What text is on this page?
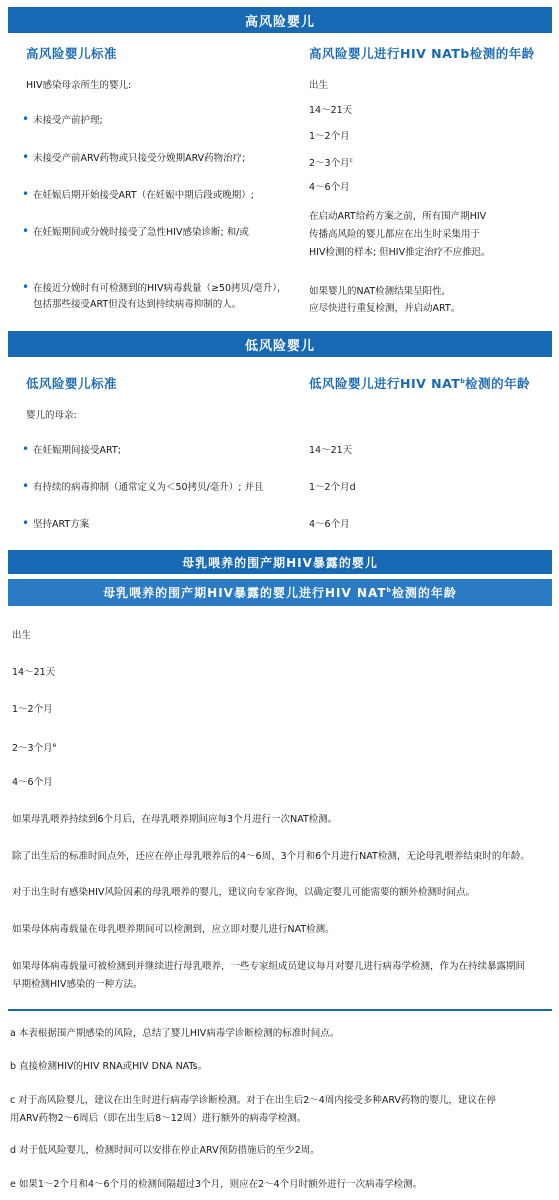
高风险婴儿
高风险婴儿标准	高风险婴儿进行HIV NATb检测的年龄
HIV感染母亲所生的婴儿:
• 未接受产前护理;
• 未接受产前ARV药物或只接受分娩期ARV药物治疗;
• 在妊娠后期开始接受ART（在妊娠中期后段或晚期）;
• 在妊娠期间或分娩时接受了急性HIV感染诊断; 和/或
• 在接近分娩时有可检测到的HIV病毒载量（≥50拷贝/毫升），
包括那些接受ART但没有达到持续病毒抑制的人。
出生
14～21天
1～2个月
2～3个月$^c$
4～6个月
在启动ART给药方案之前，所有围产期HIV
传播高风险的婴儿都应在出生时采集用于
HIV检测的样本; 但HIV推定治疗不应推迟。
如果婴儿的NAT检测结果呈阳性,
应尽快进行重复检测，并启动ART。
低风险婴儿
低风险婴儿标准	低风险婴儿进行HIV NAT$^b$检测的年龄
婴儿的母亲:
• 在妊娠期间接受ART;
• 有持续的病毒抑制（通常定义为＜50拷贝/毫升）; 并且
• 坚持ART方案
14～21天
1～2个月d
4～6个月
母乳喂养的围产期HIV暴露的婴儿
母乳喂养的围产期HIV暴露的婴儿进行HIV NAT$^b$检测的年龄
出生
14～21天
1～2个月
2～3个月$^e$
4～6个月
如果母乳喂养持续到6个月后，在母乳喂养期间应每3个月进行一次NAT检测。
除了出生后的标准时间点外，还应在停止母乳喂养后的4～6周、3个月和6个月进行NAT检测，无论母乳喂养结束时的年龄。
对于出生时有感染HIV风险因素的母乳喂养的婴儿，建议向专家咨询，以确定婴儿可能需要的额外检测时间点。
如果母体病毒载量在母乳喂养期间可以检测到，应立即对婴儿进行NAT检测。
如果母体病毒载量可被检测到并继续进行母乳喂养，一些专家组成员建议每月对婴儿进行病毒学检测，作为在持续暴露期间
早期检测HIV感染的一种方法。
a 本表根据围产期感染的风险，总结了婴儿HIV病毒学诊断检测的标准时间点。
b 直接检测HIV的HIV RNA或HIV DNA NATs。
c 对于高风险婴儿，建议在出生时进行病毒学诊断检测。对于在出生后2～4周内接受多种ARV药物的婴儿，建议在停
用ARV药物2～6周后（即在出生后8～12周）进行额外的病毒学检测。
d 对于低风险婴儿，检测时间可以安排在停止ARV预防措施后的至少2周。
e 如果1～2个月和4～6个月的检测间隔超过3个月，则应在2～4个月时额外进行一次病毒学检测。
